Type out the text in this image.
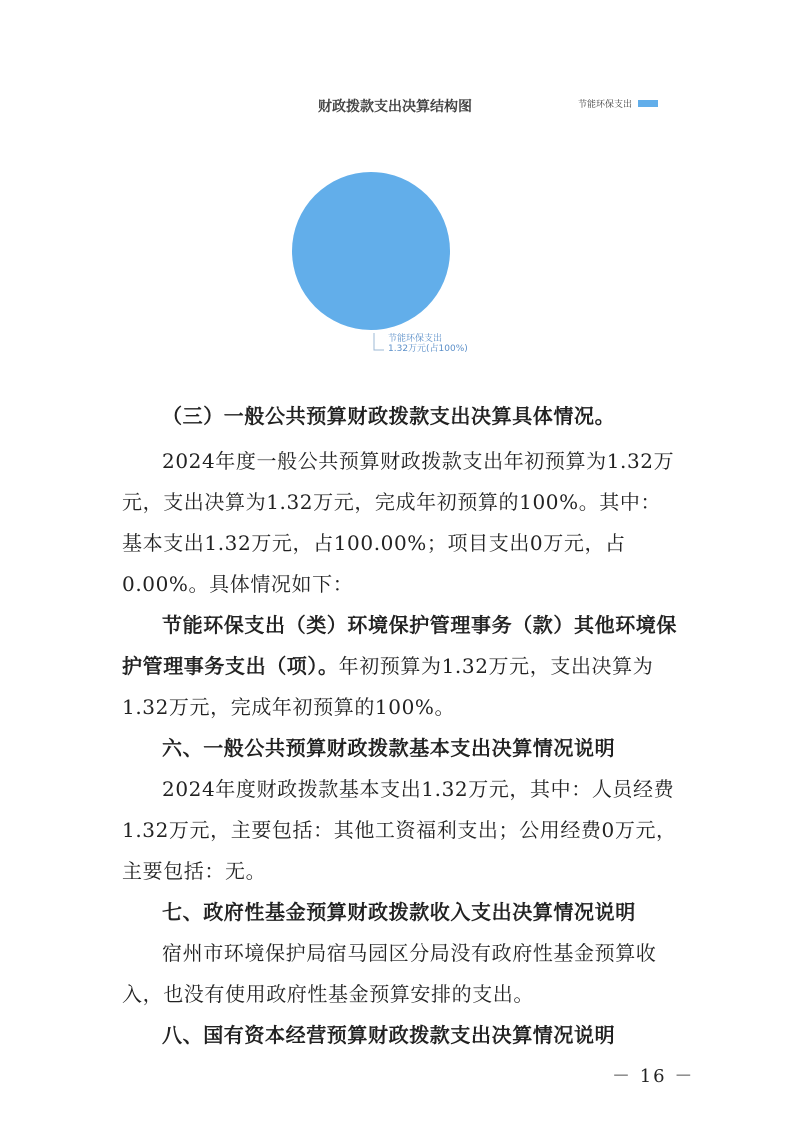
财政拨款支出决算结构图	节能环保支出
节能环保支出
1.32万元(占100%)

（三）一般公共预算财政拨款支出决算具体情况。

2024年度一般公共预算财政拨款支出年初预算为1.32万元，支出决算为1.32万元，完成年初预算的100%。其中：基本支出1.32万元，占100.00%；项目支出0万元，占0.00%。具体情况如下：

节能环保支出（类）环境保护管理事务（款）其他环境保护管理事务支出（项）。年初预算为1.32万元，支出决算为1.32万元，完成年初预算的100%。

六、一般公共预算财政拨款基本支出决算情况说明

2024年度财政拨款基本支出1.32万元，其中：人员经费1.32万元，主要包括：其他工资福利支出；公用经费0万元，主要包括：无。

七、政府性基金预算财政拨款收入支出决算情况说明

宿州市环境保护局宿马园区分局没有政府性基金预算收入，也没有使用政府性基金预算安排的支出。

八、国有资本经营预算财政拨款支出决算情况说明

－ 16 －
